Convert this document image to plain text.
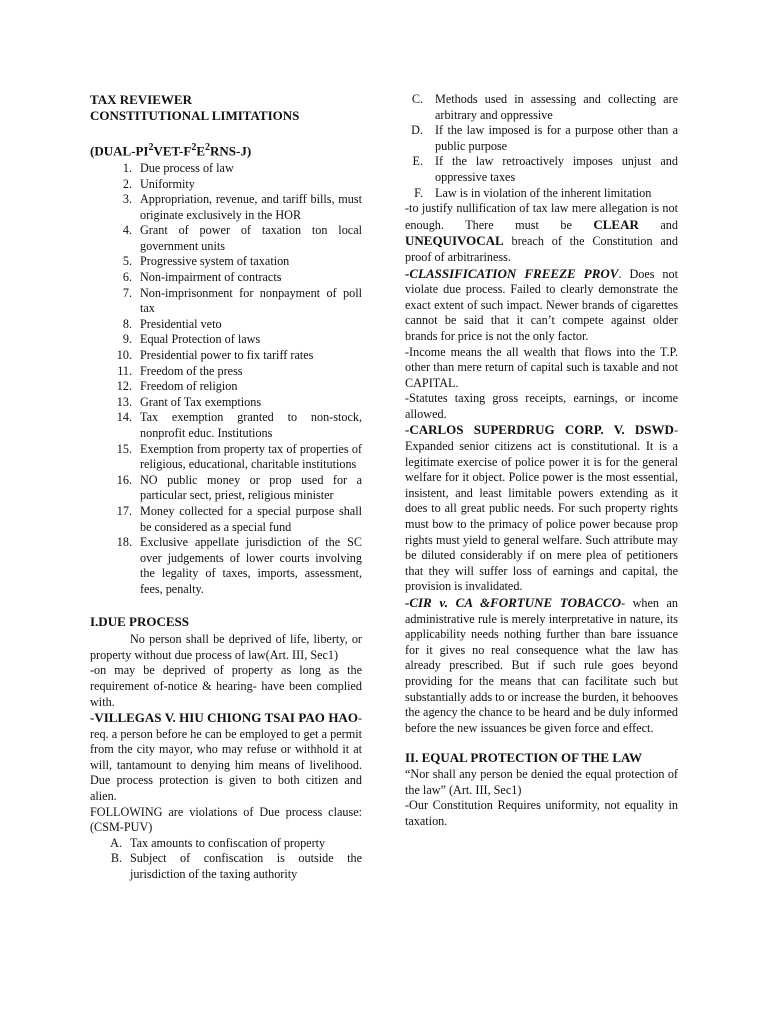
TAX REVIEWER

CONSTITUTIONAL LIMITATIONS

$(DUAL-PI^2VET-F^2E^2RNS-J)$

1. Due process of law
2. Uniformity
3. Appropriation, revenue, and tariff bills, must originate exclusively in the HOR
4. Grant of power of taxation ton local government units
5. Progressive system of taxation
6. Non-impairment of contracts
7. Non-imprisonment for nonpayment of poll tax
8. Presidential veto
9. Equal Protection of laws
10. Presidential power to fix tariff rates
11. Freedom of the press
12. Freedom of religion
13. Grant of Tax exemptions
14. Tax exemption granted to non-stock, nonprofit educ. Institutions
15. Exemption from property tax of properties of religious, educational, charitable institutions
16. NO public money or prop used for a particular sect, priest, religious minister
17. Money collected for a special purpose shall be considered as a special fund
18. Exclusive appellate jurisdiction of the SC over judgements of lower courts involving the legality of taxes, imports, assessment, fees, penalty.

I.DUE PROCESS

No person shall be deprived of life, liberty, or property without due process of law(Art. III, Sec1)

-on may be deprived of property as long as the requirement of-notice & hearing- have been complied with.

-VILLEGAS V. HIU CHIONG TSAI PAO HAO-req. a person before he can be employed to get a permit from the city mayor, who may refuse or withhold it at will, tantamount to denying him means of livelihood. Due process protection is given to both citizen and alien.

FOLLOWING are violations of Due process clause: (CSM-PUV)

A. Tax amounts to confiscation of property
B. Subject of confiscation is outside the jurisdiction of the taxing authority
C. Methods used in assessing and collecting are arbitrary and oppressive
D. If the law imposed is for a purpose other than a public purpose
E. If the law retroactively imposes unjust and oppressive taxes
F. Law is in violation of the inherent limitation

-to justify nullification of tax law mere allegation is not enough. There must be CLEAR and UNEQUIVOCAL breach of the Constitution and proof of arbitrariness.

-CLASSIFICATION FREEZE PROV. Does not violate due process. Failed to clearly demonstrate the exact extent of such impact. Newer brands of cigarettes cannot be said that it can’t compete against older brands for price is not the only factor.

-Income means the all wealth that flows into the T.P. other than mere return of capital such is taxable and not CAPITAL.

-Statutes taxing gross receipts, earnings, or income allowed.

-CARLOS SUPERDRUG CORP. V. DSWD-Expanded senior citizens act is constitutional. It is a legitimate exercise of police power it is for the general welfare for it object. Police power is the most essential, insistent, and least limitable powers extending as it does to all great public needs. For such property rights must bow to the primacy of police power because prop rights must yield to general welfare. Such attribute may be diluted considerably if on mere plea of petitioners that they will suffer loss of earnings and capital, the provision is invalidated.

-CIR v. CA &FORTUNE TOBACCO- when an administrative rule is merely interpretative in nature, its applicability needs nothing further than bare issuance for it gives no real consequence what the law has already prescribed. But if such rule goes beyond providing for the means that can facilitate such but substantially adds to or increase the burden, it behooves the agency the chance to be heard and be duly informed before the new issuances be given force and effect.

II. EQUAL PROTECTION OF THE LAW

“Nor shall any person be denied the equal protection of the law” (Art. III, Sec1)

-Our Constitution Requires uniformity, not equality in taxation.
